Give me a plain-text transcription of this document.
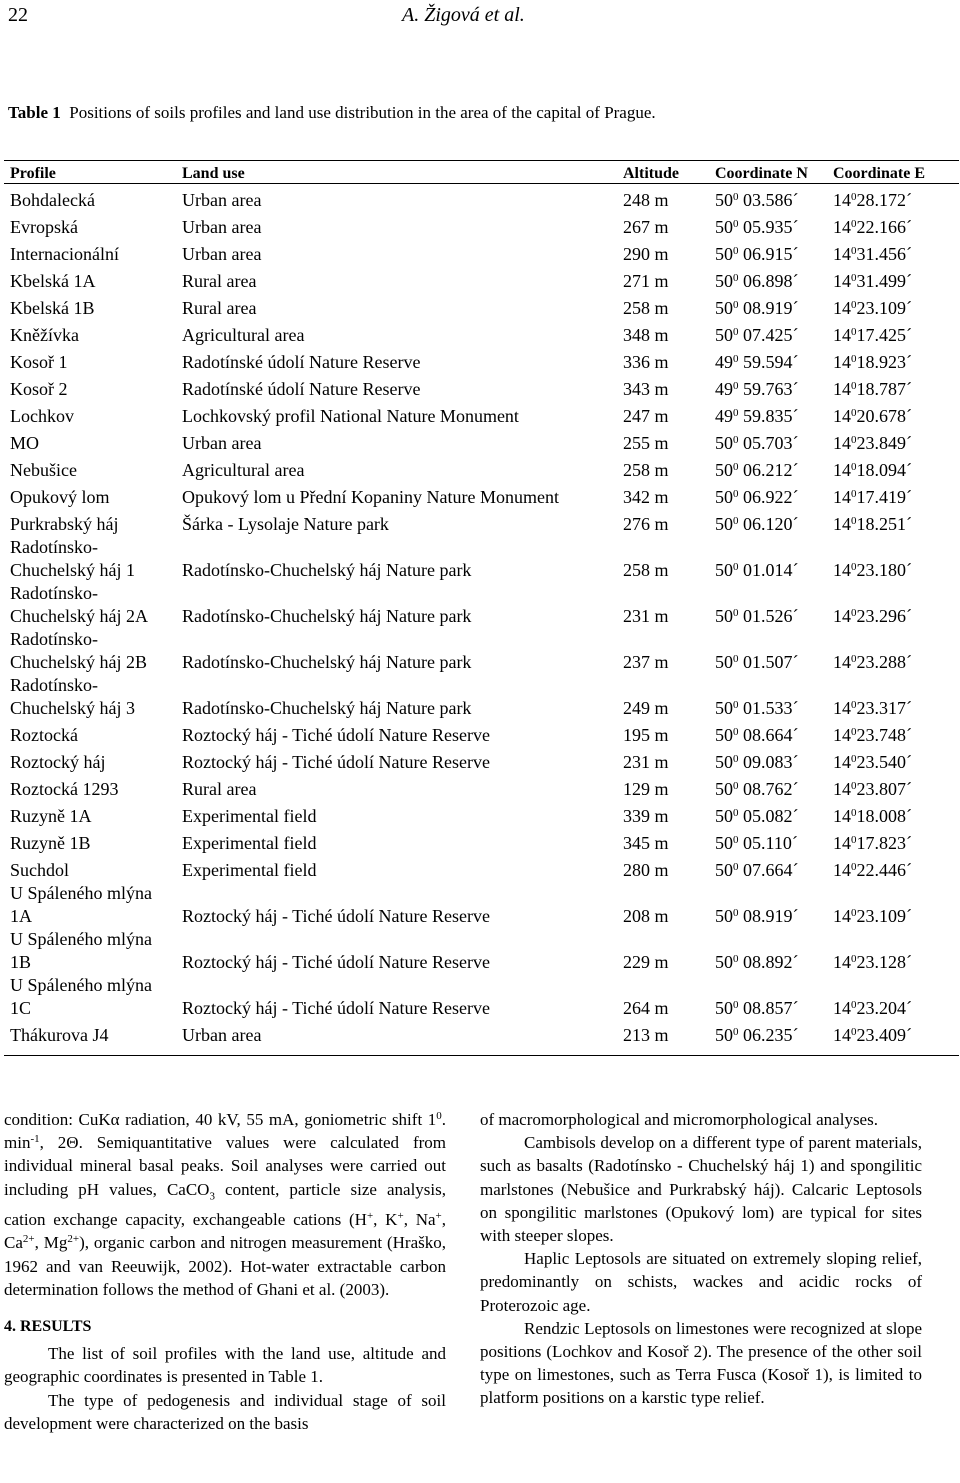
22	A. Žigová et al.
Table 1 Positions of soils profiles and land use distribution in the area of the capital of Prague.
Profile	Land use	Altitude	Coordinate N	Coordinate E
Bohdalecká	Urban area	248 m	$50^0$ 03.586´	$14^028.172´$
Evropská	Urban area	267 m	$50^0$ 05.935´	$14^022.166´$
Internacionální	Urban area	290 m	$50^0$ 06.915´	$14^031.456´$
Kbelská 1A	Rural area	271 m	$50^0$ 06.898´	$14^031.499´$
Kbelská 1B	Rural area	258 m	$50^0$ 08.919´	$14^023.109´$
Kněžívka	Agricultural area	348 m	$50^0$ 07.425´	$14^017.425´$
Kosoř 1	Radotínské údolí Nature Reserve	336 m	$49^0$ 59.594´	$14^018.923´$
Kosoř 2	Radotínské údolí Nature Reserve	343 m	$49^0$ 59.763´	$14^018.787´$
Lochkov	Lochkovský profil National Nature Monument	247 m	$49^0$ 59.835´	$14^020.678´$
MO	Urban area	255 m	$50^0$ 05.703´	$14^023.849´$
Nebušice	Agricultural area	258 m	$50^0$ 06.212´	$14^018.094´$
Opukový lom	Opukový lom u Přední Kopaniny Nature Monument	342 m	$50^0$ 06.922´	$14^017.419´$
Purkrabský háj	Šárka - Lysolaje Nature park	276 m	$50^0$ 06.120´	$14^018.251´$
Radotínsko-Chuchelský háj 1	Radotínsko-Chuchelský háj Nature park	258 m	$50^0$ 01.014´	$14^023.180´$
Radotínsko-Chuchelský háj 2A	Radotínsko-Chuchelský háj Nature park	231 m	$50^0$ 01.526´	$14^023.296´$
Radotínsko-Chuchelský háj 2B	Radotínsko-Chuchelský háj Nature park	237 m	$50^0$ 01.507´	$14^023.288´$
Radotínsko-Chuchelský háj 3	Radotínsko-Chuchelský háj Nature park	249 m	$50^0$ 01.533´	$14^023.317´$
Roztocká	Roztocký háj - Tiché údolí Nature Reserve	195 m	$50^0$ 08.664´	$14^023.748´$
Roztocký háj	Roztocký háj - Tiché údolí Nature Reserve	231 m	$50^0$ 09.083´	$14^023.540´$
Roztocká 1293	Rural area	129 m	$50^0$ 08.762´	$14^023.807´$
Ruzyně 1A	Experimental field	339 m	$50^0$ 05.082´	$14^018.008´$
Ruzyně 1B	Experimental field	345 m	$50^0$ 05.110´	$14^017.823´$
Suchdol	Experimental field	280 m	$50^0$ 07.664´	$14^022.446´$
U Spáleného mlýna 1A	Roztocký háj - Tiché údolí Nature Reserve	208 m	$50^0$ 08.919´	$14^023.109´$
U Spáleného mlýna 1B	Roztocký háj - Tiché údolí Nature Reserve	229 m	$50^0$ 08.892´	$14^023.128´$
U Spáleného mlýna 1C	Roztocký háj - Tiché údolí Nature Reserve	264 m	$50^0$ 08.857´	$14^023.204´$
Thákurova J4	Urban area	213 m	$50^0$ 06.235´	$14^023.409´$

condition: CuKα radiation, 40 kV, 55 mA, goniometric shift $1^0$. $\min^{-1}$, 2Θ. Semiquantitative values were calculated from individual mineral basal peaks. Soil analyses were carried out including pH values, CaCO$_3$ content, particle size analysis, cation exchange capacity, exchangeable cations (H+, K+, Na+, $Ca^{2+}$, $Mg^{2+}$), organic carbon and nitrogen measurement (Hraško, 1962 and van Reeuwijk, 2002). Hot-water extractable carbon determination follows the method of Ghani et al. (2003).

4. RESULTS

The list of soil profiles with the land use, altitude and geographic coordinates is presented in Table 1.

The type of pedogenesis and individual stage of soil development were characterized on the basis

of macromorphological and micromorphological analyses.

Cambisols develop on a different type of parent materials, such as basalts (Radotínsko - Chuchelský háj 1) and spongilitic marlstones (Nebušice and Purkrabský háj). Calcaric Leptosols on spongilitic marlstones (Opukový lom) are typical for sites with steeper slopes.

Haplic Leptosols are situated on extremely sloping relief, predominantly on schists, wackes and acidic rocks of Proterozoic age.

Rendzic Leptosols on limestones were recognized at slope positions (Lochkov and Kosoř 2). The presence of the other soil type on limestones, such as Terra Fusca (Kosoř 1), is limited to platform positions on a karstic type relief.
